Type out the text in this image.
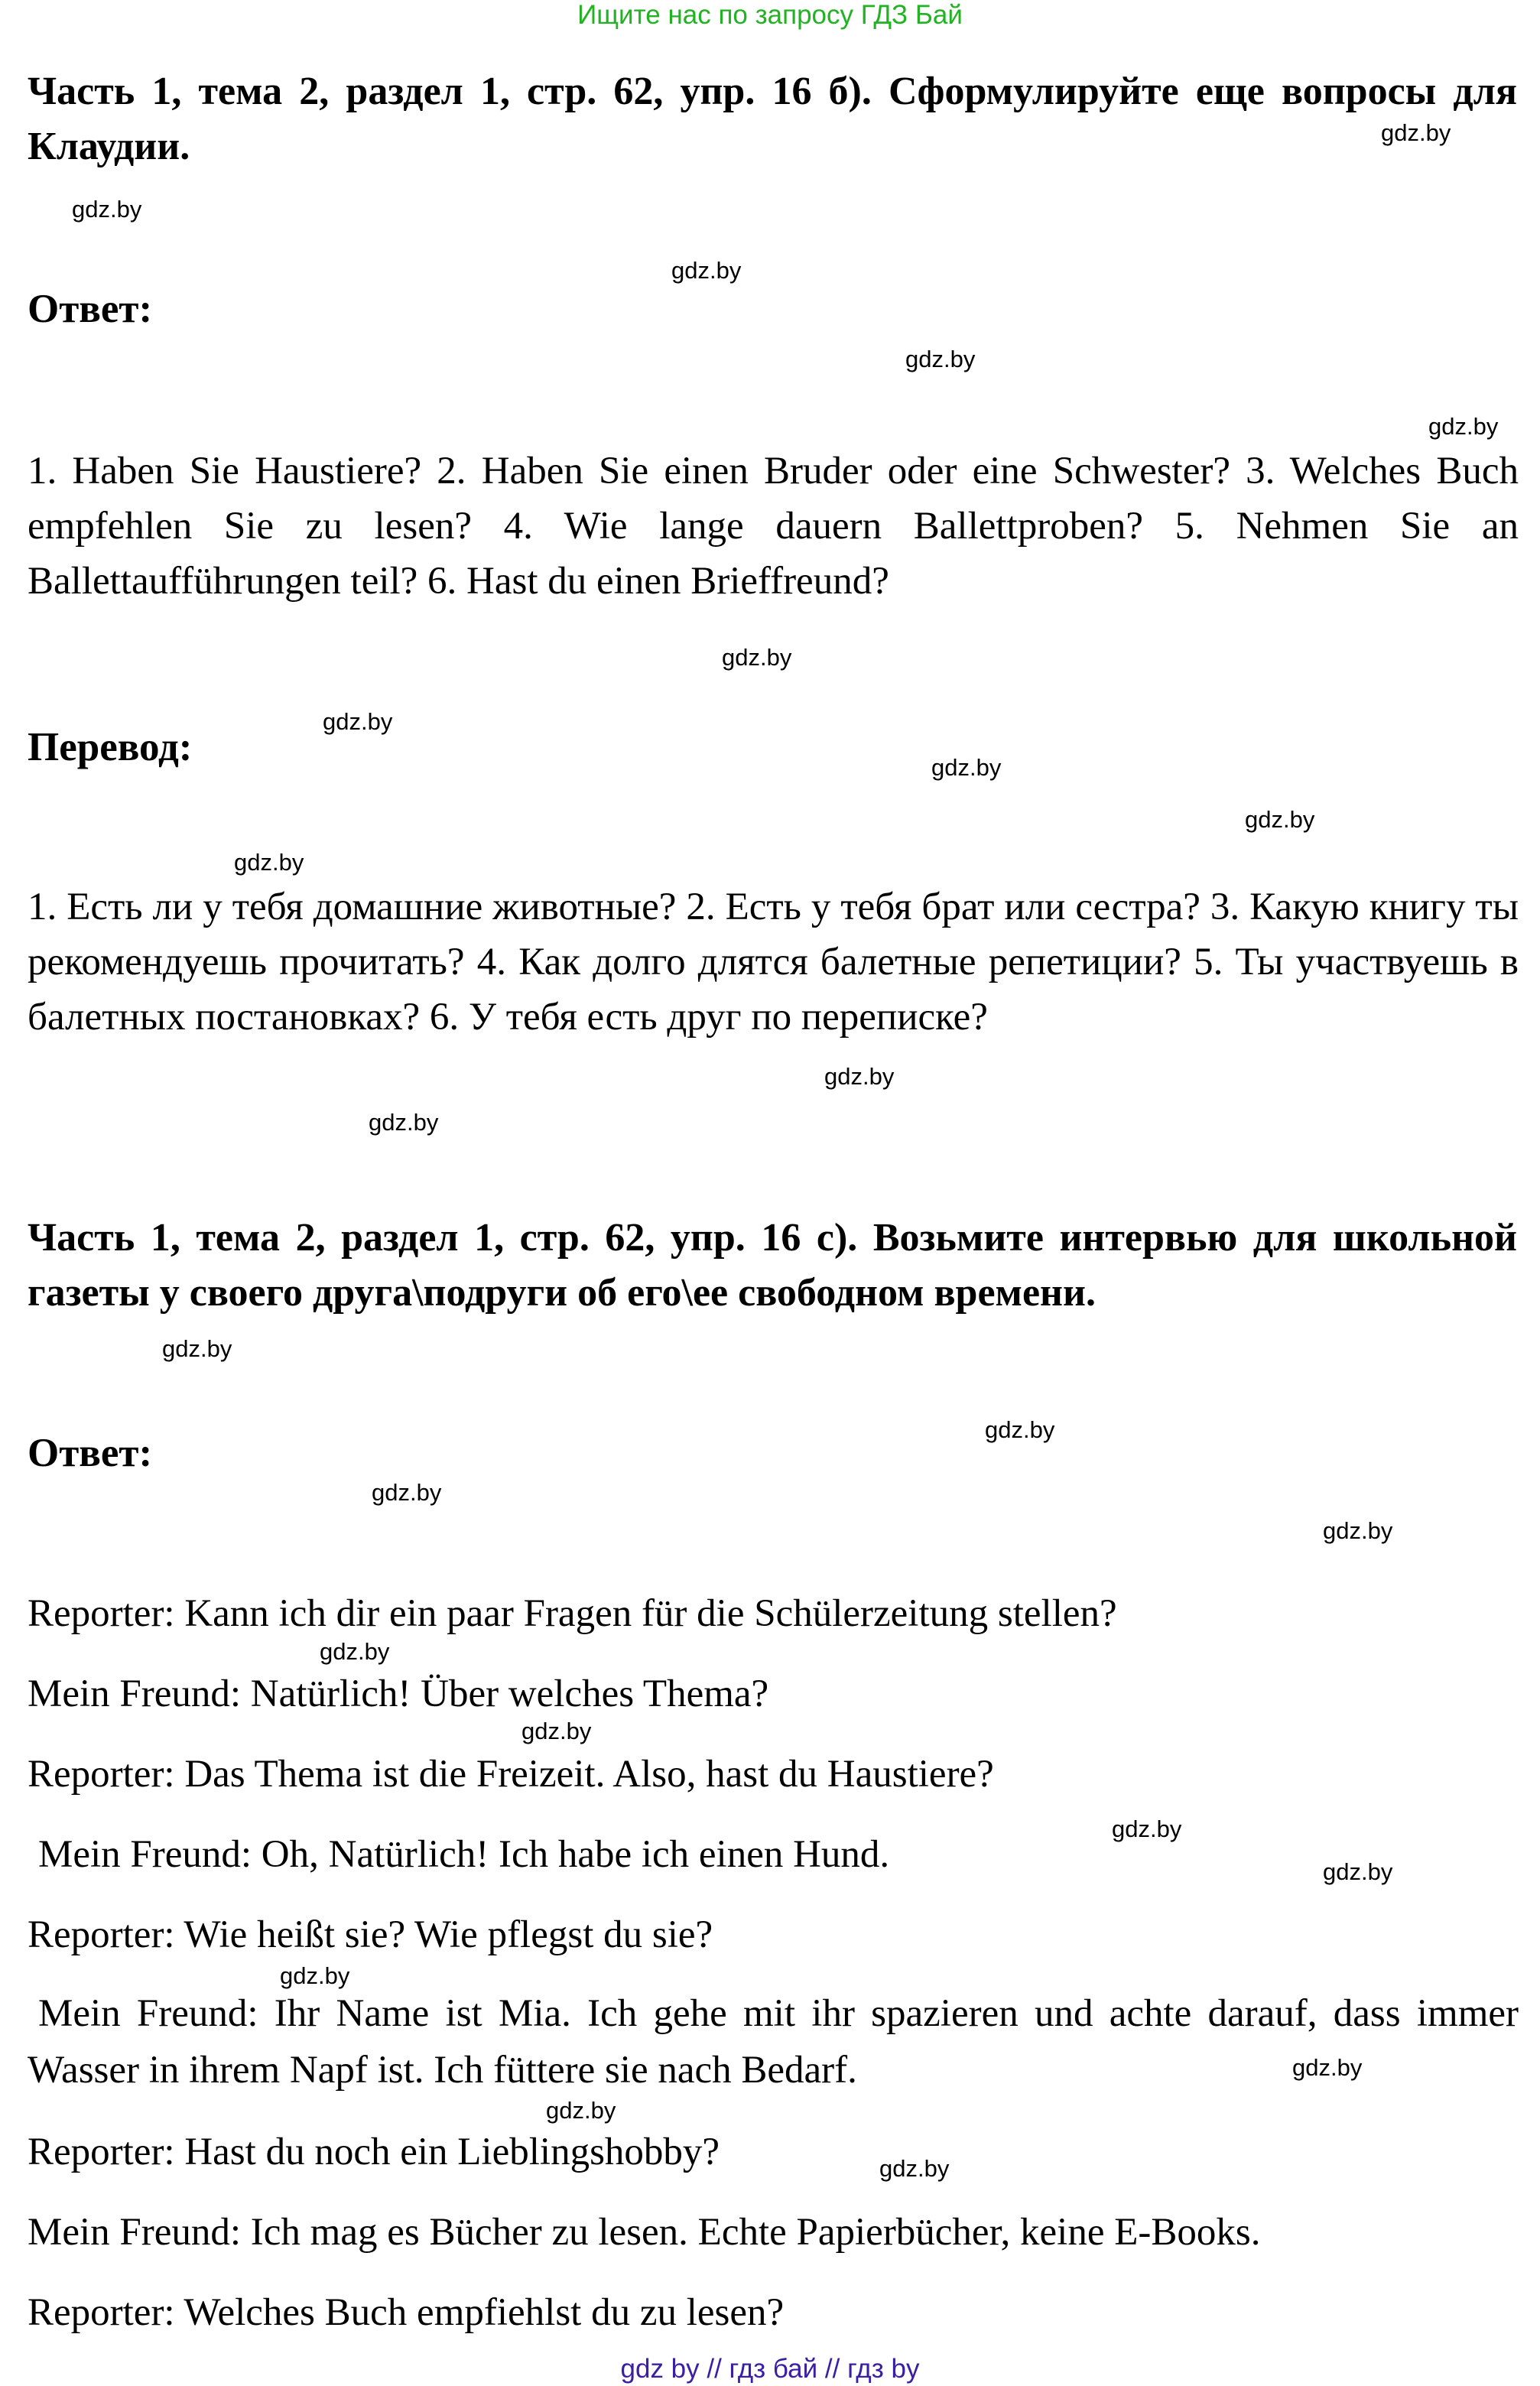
Ищите нас по запросу ГДЗ Бай
Часть 1, тема 2, раздел 1, стр. 62, упр. 16 б). Сформулируйте еще вопросы для Клаудии.
Ответ:
1. Haben Sie Haustiere? 2. Haben Sie einen Bruder oder eine Schwester? 3. Welches Buch empfehlen Sie zu lesen? 4. Wie lange dauern Ballettproben? 5. Nehmen Sie an Ballettaufführungen teil? 6. Hast du einen Brieffreund?
Перевод:
1. Есть ли у тебя домашние животные? 2. Есть у тебя брат или сестра? 3. Какую книгу ты рекомендуешь прочитать? 4. Как долго длятся балетные репетиции? 5. Ты участвуешь в балетных постановках? 6. У тебя есть друг по переписке?
Часть 1, тема 2, раздел 1, стр. 62, упр. 16 с). Возьмите интервью для школьной газеты у своего друга\подруги об его\ее свободном времени.
Ответ:
Reporter: Kann ich dir ein paar Fragen für die Schülerzeitung stellen?
Mein Freund: Natürlich! Über welches Thema?
Reporter: Das Thema ist die Freizeit. Also, hast du Haustiere?
Mein Freund: Oh, Natürlich! Ich habe ich einen Hund.
Reporter: Wie heißt sie? Wie pflegst du sie?
Mein Freund: Ihr Name ist Mia. Ich gehe mit ihr spazieren und achte darauf, dass immer Wasser in ihrem Napf ist. Ich füttere sie nach Bedarf.
Reporter: Hast du noch ein Lieblingshobby?
Mein Freund: Ich mag es Bücher zu lesen. Echte Papierbücher, keine E-Books.
Reporter: Welches Buch empfiehlst du zu lesen?
gdz.by
gdz.by
gdz.by
gdz.by
gdz.by
gdz.by
gdz.by
gdz.by
gdz.by
gdz.by
gdz.by
gdz.by
gdz.by
gdz.by
gdz.by
gdz.by
gdz.by
gdz.by
gdz.by
gdz.by
gdz.by
gdz.by
gdz.by
gdz.by
gdz by // гдз бай // гдз by
